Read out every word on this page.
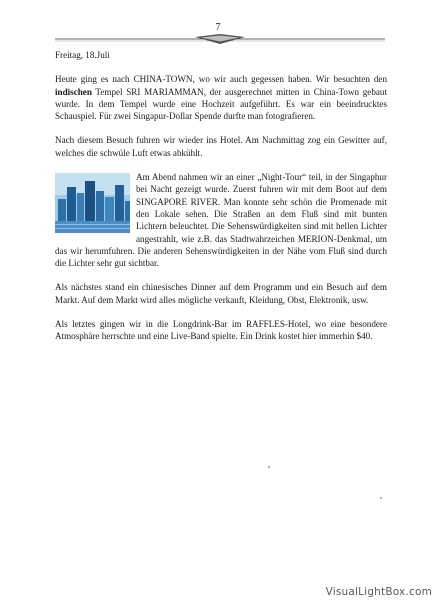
7

Freitag, 18.Juli

Heute ging es nach CHINA-TOWN, wo wir auch gegessen haben. Wir besuchten den indischen Tempel SRI MARIAMMAN, der ausgerechnet mitten in China-Town gebaut wurde. In dem Tempel wurde eine Hochzeit aufgeführt. Es war ein beeindrucktes Schauspiel. Für zwei Singapur-Dollar Spende durfte man fotografieren.

Nach diesem Besuch fuhren wir wieder ins Hotel. Am Nachmittag zog ein Gewitter auf, welches die schwüle Luft etwas abkühlt.

Am Abend nahmen wir an einer „Night-Tour“ teil, in der Singaphur bei Nacht gezeigt wurde. Zuerst fuhren wir mit dem Boot auf dem SINGAPORE RIVER. Man konnte sehr schön die Promenade mit den Lokale sehen. Die Straßen an dem Fluß sind mit bunten Lichtern beleuchtet. Die Sehenswürdigkeiten sind mit hellen Lichter angestrahlt, wie z.B. das Stadtwahrzeichen MERION-Denkmal, um das wir herumfuhren. Die anderen Sehenswürdigkeiten in der Nähe vom Fluß sind durch die Lichter sehr gut sichtbar.

Als nächstes stand ein chinesisches Dinner auf dem Programm und ein Besuch auf dem Markt. Auf dem Markt wird alles mögliche verkauft, Kleidung, Obst, Elektronik, usw.

Als letztes gingen wir in die Longdrink-Bar im RAFFLES-Hotel, wo eine besondere Atmosphäre herrschte und eine Live-Band spielte. Ein Drink kostet hier immerhin $40.

VisualLightBox.com
